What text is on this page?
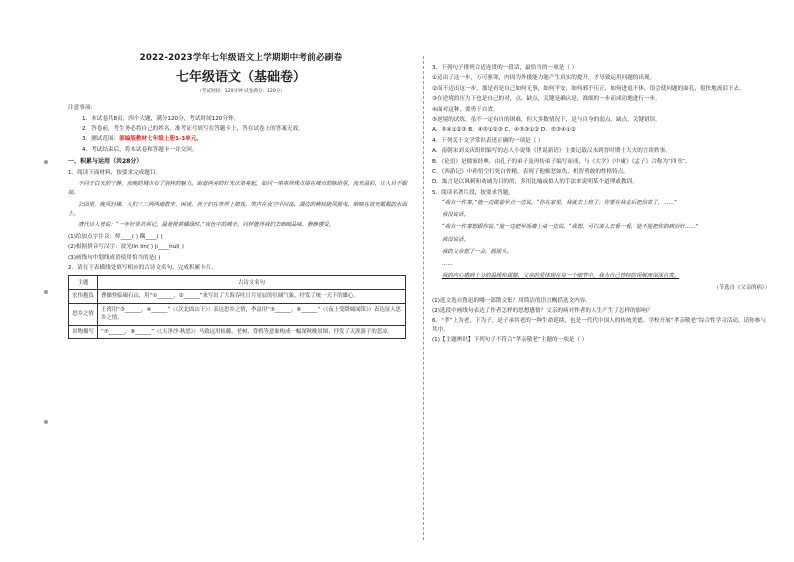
2022-2023学年七年级语文上学期期中考前必刷卷
七年级语文（基础卷）
（考试时间：120分钟 试卷满分：120分）
注意事项：
1．本试卷共8页，四个大题，满分120分，考试时间120分钟。
2．答卷前，考生务必将自己的姓名、准考证号填写在答题卡上，答在试卷上的答案无效。
3．测试范围：部编版教材七年级上册1-3单元。
4．考试结束后，将本试卷和答题卡一并交回。
一、积累与运用（共28分）
1．阅读下面材料，按要求完成题目。
不同于白天的宁静，夜晚的城市有了别样的魅力。街道两旁的灯光次第亮起，如同一串串珍珠点缀在城市的脉络里，流光溢彩，让人目不暇接。
公园里，晚风轻拂，人们三三两两地散步、闲谈，孩子们在草坪上嬉戏，笑声在夜空中回荡。湖边的柳枝随风摇曳，倒映在波光粼粼的水面上。
清代诗人曾说：“一年好景君须记，最是橙黄橘绿时。”夜色中的城市，同样值得我们去细细品味、静静感受。
(1)给加点字注音：绰____( ) 蹒____( )
(2)根据拼音写汉字：波光lín lín( ) jì____huī( )
(3)画线句中划线成语使用恰当的是( )
2．请在下表横线处填写相应的古诗文名句，完成积累卡片。
主题	古诗文名句
宏伟抱负	曹操登临碣石山，用“①______，②______”来写出了大海吞吐日月星辰的壮阔气象，抒发了统一天下的雄心。
思乡之情	王湾用“③______，④______”（《次北固山下》）表达思乡之情，李益用“⑤______，⑥______”（《夜上受降城闻笛》）表达征人思乡之情。
景物描写	“⑦______，⑧______”（《天净沙·秋思》）马致远用枯藤、老树、昏鸦等意象构成一幅深秋晚景图，抒发了天涯游子的悲凉。
3．下列句子排列合适连贯的一段话，最恰当的一项是（ ）
①迈出了这一步，万可驱寒，内因为外援能力能产生真实的提升，才导致运用问题的出现。
②而不迈出这一步，那是看是自己如何无事，如何平安，如何邪不压正，如何进退不休，很会使问题的面孔，很快地流泪下去。
③在逆境的压力下也是自己的对，点、缺点，关键是确认是，准细的一步而成功地进行一步。
④面对这种，要勇于自省。
⑤逆境的试炼，虽不一定有自的困难，但大多数情况下，是与自身的弱点，缺点，关键错误。
A．⑤④①②③ B．④⑤①②③ C．④⑤③①② D．⑤③④①②
4．下列关于文学常识表述正确的一项是（ ）
A．南朝宋刘义庆组织编写的志人小说集《世说新语》主要记载汉末到晋时期士大夫的言谈轶事。
B．《论语》是儒家经典，由孔子的弟子及再传弟子编写而成，与《大学》《中庸》《孟子》合称为“四书”。
C．《西游记》中孙悟空打死白骨精，表现了他嫉恶如仇、机智勇敢的性格特点。
D．寓言是以讽刺和劝诫为目的的，多用比喻或拟人的手法来说明某个道理或教训。
5．阅读名著片段，按要求答题。
“我有一件事，”他一边做着早点一边说。“你在家里，我就去上班了。你要在我走后把信寄了，……”
我没说话。
“我有一件事想跟你说，”他一边把早饭端上桌一边说。“我想，可以请人去看一看，能不能把你的病治好……”
我没说话。
我的父亲想了一会，摇摇头。
……
我的内心感到十分的温暖和震撼，父亲的爱体现在每一个细节中，我为自己曾经的误解而深深自责。
（节选自《父亲的病》）
(1)选文选自鲁迅的哪一部散文集？用简洁的语言概括选文内容。
(2)选段中画线句表达了作者怎样的思想感情？父亲的病对作者的人生产生了怎样的影响？
6．“孝”上为老，下为子，是子承其老的一种生命延续，也是一代代中国人的传统美德。学校开展“孝亲敬老”综合性学习活动，请你参与其中。
(1)【主题辨识】下列句子不符合“孝亲敬老”主题的一项是（ ）
